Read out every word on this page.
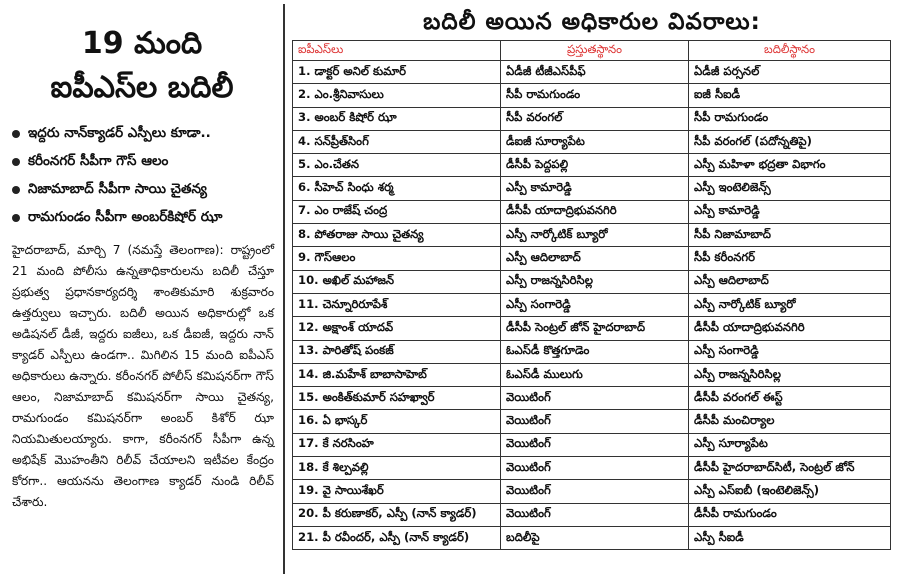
19 మంది
ఐపీఎస్‌ల బదిలీ
ఇద్దరు నాన్‌క్యాడర్‌ ఎస్పీలు కూడా..
కరీంనగర్‌ సీపీగా గౌస్‌ ఆలం
నిజామాబాద్‌ సీపీగా సాయి చైతన్య
రామగుండం సీపీగా అంబర్‌కిషోర్‌ ఝా
హైదరాబాద్‌, మార్చి 7 (నమస్తే తెలంగాణ): రాష్ట్రంలో 21 మంది పోలీసు ఉన్నతాధికారులను బదిలీ చేస్తూ ప్రభుత్వ ప్రధానకార్యదర్శి శాంతికుమారి శుక్రవారం ఉత్తర్వులు ఇచ్చారు. బదిలీ అయిన అధికారుల్లో ఒక అడిషనల్‌ డీజీ, ఇద్దరు ఐజీలు, ఒక డీఐజీ, ఇద్దరు నాన్‌ క్యాడర్‌ ఎస్పీలు ఉండగా.. మిగిలిన 15 మంది ఐపీఎస్‌ అధికారులు ఉన్నారు. కరీంనగర్‌ పోలీస్‌ కమిషనర్‌గా గౌస్‌ ఆలం, నిజామాబాద్‌ కమిషనర్‌గా సాయి చైతన్య, రామగుండం కమిషనర్‌గా అంబర్‌ కిశోర్‌ ఝా నియమితులయ్యారు. కాగా, కరీంనగర్‌ సీపీగా ఉన్న అభిషేక్‌ మొహంతీని రిలీవ్‌ చేయాలని ఇటీవల కేంద్రం కోరగా.. ఆయనను తెలంగాణ క్యాడర్‌ నుండి రిలీవ్‌ చేశారు.
బదిలీ అయిన అధికారుల వివరాలు:
ఐపీఎస్‌లు	ప్రస్తుతస్థానం	బదిలీస్థానం
1. డాక్టర్‌ అనిల్‌ కుమార్‌	ఏడీజీ టీజీఎస్‌పీఫ్‌	ఏడీజీ పర్సనల్‌
2. ఎం.శ్రీనివాసులు	సీపీ రామగుండం	ఐజీ సీఐడీ
3. అంబర్‌ కిషోర్‌ ఝా	సీపీ వరంగల్‌	సీపీ రామగుండం
4. సన్‌ప్రీత్‌సింగ్‌	డీఐజీ సూర్యాపేట	సీపీ వరంగల్‌ (పదోన్నతిపై)
5. ఎం.చేతన	డీసీపీ పెద్దపల్లి	ఎస్పీ మహిళా భద్రతా విభాగం
6. సీహెచ్‌ సింధు శర్మ	ఎస్పీ కామారెడ్డి	ఎస్పీ ఇంటెలిజెన్స్‌
7. ఎం రాజేష్‌ చంద్ర	డీసీపీ యాదాద్రిభువనగిరి	ఎస్పీ కామారెడ్డి
8. పోతరాజు సాయి చైతన్య	ఎస్పీ నార్కోటిక్‌ బ్యూరో	సీపీ నిజామాబాద్‌
9. గౌస్‌ఆలం	ఎస్పీ ఆదిలాబాద్‌	సీపీ కరీంనగర్‌
10. అఖిల్‌ మహాజన్‌	ఎస్పీ రాజన్నసిరిసిల్ల	ఎస్పీ ఆదిలాబాద్‌
11. చెన్నూరిరూపేశ్‌	ఎస్పీ సంగారెడ్డి	ఎస్పీ నార్కోటిక్‌ బ్యూరో
12. అక్షాంశ్‌ యాదవ్‌	డీసీపీ సెంట్రల్‌ జోన్‌ హైదరాబాద్‌	డీసీపీ యాదాద్రిభువనగిరి
13. పారితోష్‌ పంకజ్‌	ఓఎస్‌డీ కొత్తగూడెం	ఎస్పీ సంగారెడ్డి
14. జి.మహేశ్‌ బాబాసాహెబ్‌	ఓఎస్‌డీ ములుగు	ఎస్పీ రాజన్నసిరిసిల్ల
15. అంకిత్‌కుమార్‌ సహఖ్వార్‌	వెయిటింగ్‌	డీసీపీ వరంగల్‌ ఈస్ట్‌
16. ఏ భాస్కర్‌	వెయిటింగ్‌	డీసీపీ మంచిర్యాల
17. కే నరసింహ	వెయిటింగ్‌	ఎస్పీ సూర్యాపేట
18. కే శిల్పవల్లి	వెయిటింగ్‌	డీసీపీ హైదరాబాద్‌సిటీ, సెంట్రల్‌ జోన్‌
19. వై సాయిశేఖర్‌	వెయిటింగ్‌	ఎస్పీ ఎస్‌ఐబీ (ఇంటెలిజెన్స్‌)
20. పీ కరుణాకర్‌, ఎస్పీ (నాన్‌ క్యాడర్‌)	వెయిటింగ్‌	డీసీపీ రామగుండం
21. పీ రవీందర్‌, ఎస్పీ (నాన్‌ క్యాడర్‌)	బదిలీపై	ఎస్పీ సీఐడీ
